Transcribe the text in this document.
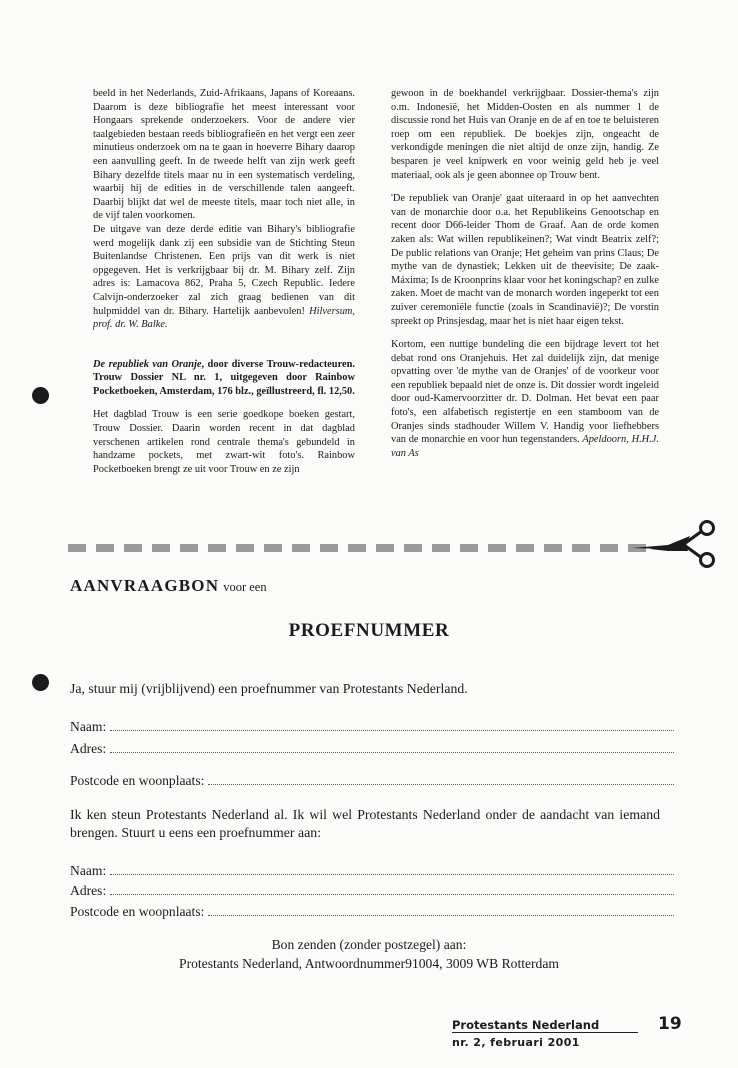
beeld in het Nederlands, Zuid-Afrikaans, Japans of Koreaans. Daarom is deze bibliografie het meest interessant voor Hongaars sprekende onderzoekers. Voor de andere vier taalgebieden bestaan reeds bibliografieën en het vergt een zeer minutieus onderzoek om na te gaan in hoeverre Bihary daarop een aanvulling geeft. In de tweede helft van zijn werk geeft Bihary dezelfde titels maar nu in een systematisch verdeling, waarbij hij de edities in de verschillende talen aangeeft. Daarbij blijkt dat wel de meeste titels, maar toch niet alle, in de vijf talen voorkomen.

De uitgave van deze derde editie van Bihary's bibliografie werd mogelijk dank zij een subsidie van de Stichting Steun Buitenlandse Christenen. Een prijs van dit werk is niet opgegeven. Het is verkrijgbaar bij dr. M. Bihary zelf. Zijn adres is: Lamacova 862, Praha 5, Czech Republic. Iedere Calvijn-onderzoeker zal zich graag bedienen van dit hulpmiddel van dr. Bihary. Hartelijk aanbevolen! Hilversum, prof. dr. W. Balke.

De republiek van Oranje, door diverse Trouw-redacteuren. Trouw Dossier NL nr. 1, uitgegeven door Rainbow Pocketboeken, Amsterdam, 176 blz., geïllustreerd, fl. 12,50.

Het dagblad Trouw is een serie goedkope boeken gestart, Trouw Dossier. Daarin worden recent in dat dagblad verschenen artikelen rond centrale thema's gebundeld in handzame pockets, met zwart-wit foto's. Rainbow Pocketboeken brengt ze uit voor Trouw en ze zijn

gewoon in de boekhandel verkrijgbaar. Dossier-thema's zijn o.m. Indonesië, het Midden-Oosten en als nummer 1 de discussie rond het Huis van Oranje en de af en toe te beluisteren roep om een republiek. De boekjes zijn, ongeacht de verkondigde meningen die niet altijd de onze zijn, handig. Ze besparen je veel knipwerk en voor weinig geld heb je veel materiaal, ook als je geen abonnee op Trouw bent.

'De republiek van Oranje' gaat uiteraard in op het aanvechten van de monarchie door o.a. het Republikeins Genootschap en recent door D66-leider Thom de Graaf. Aan de orde komen zaken als: Wat willen republikeinen?; Wat vindt Beatrix zelf?; De public relations van Oranje; Het geheim van prins Claus; De mythe van de dynastiek; Lekken uit de theevisite; De zaak-Máxima; Is de Kroonprins klaar voor het koningschap? en zulke zaken. Moet de macht van de monarch worden ingeperkt tot een zuiver ceremoniële functie (zoals in Scandinavië)?; De vorstin spreekt op Prinsjesdag, maar het is niet haar eigen tekst.

Kortom, een nuttige bundeling die een bijdrage levert tot het debat rond ons Oranjehuis. Het zal duidelijk zijn, dat menige opvatting over 'de mythe van de Oranjes' of de voorkeur voor een republiek bepaald niet de onze is. Dit dossier wordt ingeleid door oud-Kamervoorzitter dr. D. Dolman. Het bevat een paar foto's, een alfabetisch registertje en een stamboom van de Oranjes sinds stadhouder Willem V. Handig voor liefhebbers van de monarchie en voor hun tegenstanders. Apeldoorn, H.H.J. van As

AANVRAAGBON voor een
PROEFNUMMER
Ja, stuur mij (vrijblijvend) een proefnummer van Protestants Nederland.
Naam:
Adres:
Postcode en woonplaats:
Ik ken steun Protestants Nederland al. Ik wil wel Protestants Nederland onder de aandacht van iemand brengen. Stuurt u eens een proefnummer aan:
Naam:
Adres:
Postcode en woopnlaats:
Bon zenden (zonder postzegel) aan:
Protestants Nederland, Antwoordnummer91004, 3009 WB Rotterdam
Protestants Nederland
nr. 2, februari 2001
19
